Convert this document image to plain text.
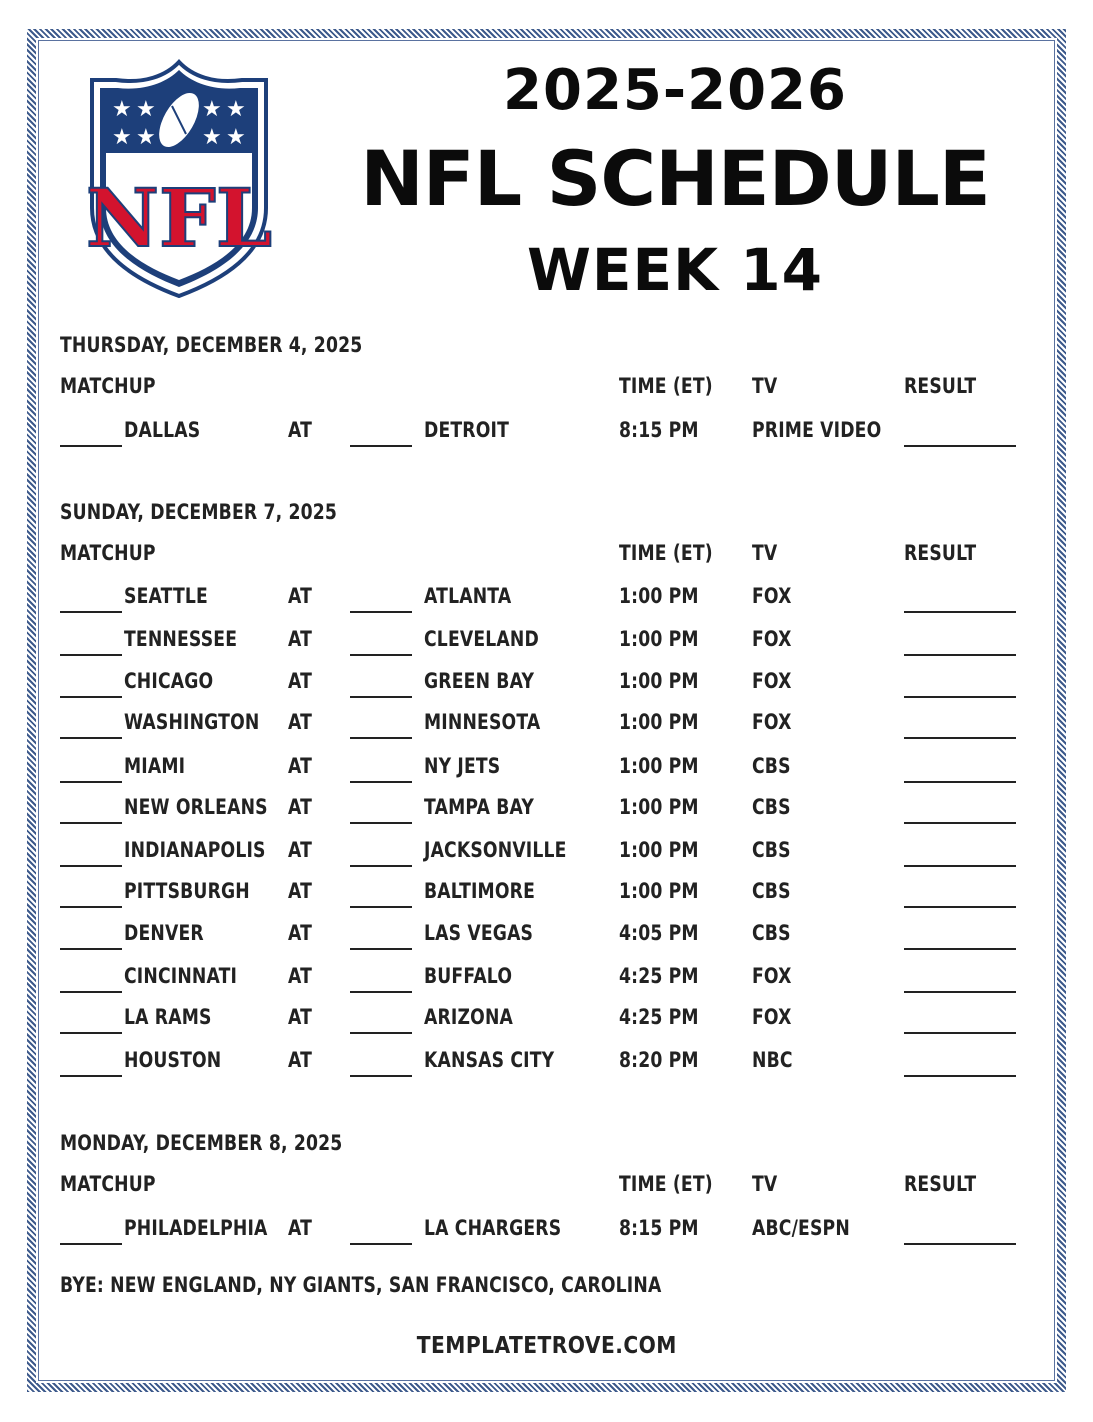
★ ★
★ ★
★ ★
★ ★
NFL
2025-2026
NFL SCHEDULE
WEEK 14
THURSDAY, DECEMBER 4, 2025
MATCHUP	TIME (ET) TV	RESULT
DALLAS	AT	DETROIT	8:15 PM	PRIME VIDEO
SUNDAY, DECEMBER 7, 2025
MATCHUP	TIME (ET) TV	RESULT
SEATTLE	AT	ATLANTA	1:00 PM	FOX
TENNESSEE AT	CLEVELAND	1:00 PM	FOX
CHICAGO	AT	GREEN BAY	1:00 PM	FOX
WASHINGTON AT	MINNESOTA	1:00 PM	FOX
MIAMI	AT	NY JETS	1:00 PM	CBS
NEW ORLEANS AT	TAMPA BAY	1:00 PM	CBS
INDIANAPOLIS AT	JACKSONVILLE 1:00 PM	CBS
PITTSBURGH AT	BALTIMORE	1:00 PM	CBS
DENVER	AT	LAS VEGAS	4:05 PM	CBS
CINCINNATI AT	BUFFALO	4:25 PM	FOX
LA RAMS	AT	ARIZONA	4:25 PM	FOX
HOUSTON	AT	KANSAS CITY	8:20 PM	NBC
MONDAY, DECEMBER 8, 2025
MATCHUP	TIME (ET) TV	RESULT
PHILADELPHIA AT	LA CHARGERS	8:15 PM	ABC/ESPN
BYE: NEW ENGLAND, NY GIANTS, SAN FRANCISCO, CAROLINA
TEMPLATETROVE.COM
